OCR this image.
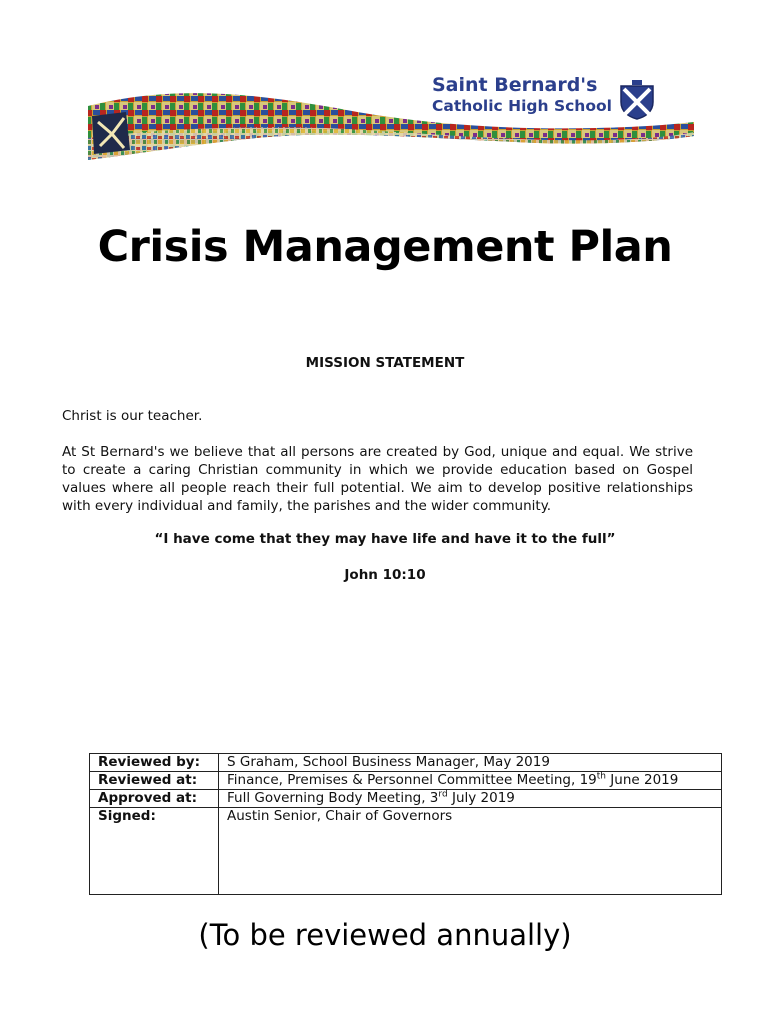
Saint Bernard's
Catholic High School
Crisis Management Plan
MISSION STATEMENT
Christ is our teacher.
At St Bernard's we believe that all persons are created by God, unique and equal. We strive to create a caring Christian community in which we provide education based on Gospel values where all people reach their full potential. We aim to develop positive relationships with every individual and family, the parishes and the wider community.
“I have come that they may have life and have it to the full”
John 10:10
Reviewed by:	S Graham, School Business Manager, May 2019
Reviewed at:	Finance, Premises & Personnel Committee Meeting, 19th June 2019
Approved at:	Full Governing Body Meeting, 3rd July 2019
Signed:	Austin Senior, Chair of Governors
(To be reviewed annually)
